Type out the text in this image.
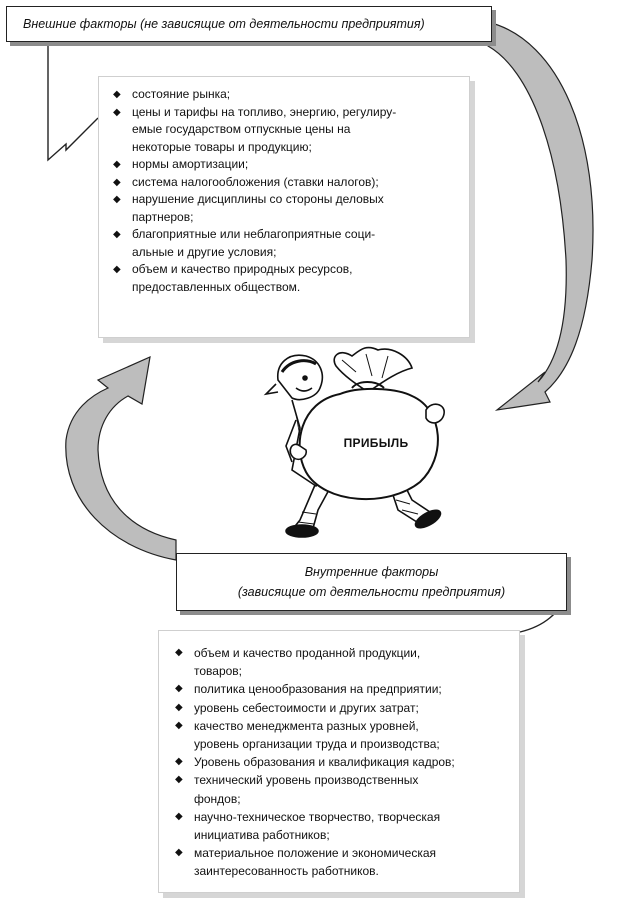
Внешние факторы (не зависящие от деятельности предприятия)
◆ состояние рынка;
◆ цены и тарифы на топливо, энергию, регулиру-
емые государством отпускные цены на
некоторые товары и продукцию;
◆ нормы амортизации;
◆ система налогообложения (ставки налогов);
◆ нарушение дисциплины со стороны деловых
партнеров;
◆ благоприятные или неблагоприятные соци-
альные и другие условия;
◆ объем и качество природных ресурсов,
предоставленных обществом.
ПРИБЫЛЬ
Внутренние факторы
(зависящие от деятельности предприятия)
◆ объем и качество проданной продукции,
товаров;
◆ политика ценообразования на предприятии;
◆ уровень себестоимости и других затрат;
◆ качество менеджмента разных уровней,
уровень организации труда и производства;
◆ Уровень образования и квалификация кадров;
◆ технический уровень производственных
фондов;
◆ научно-техническое творчество, творческая
инициатива работников;
◆ материальное положение и экономическая
заинтересованность работников.
